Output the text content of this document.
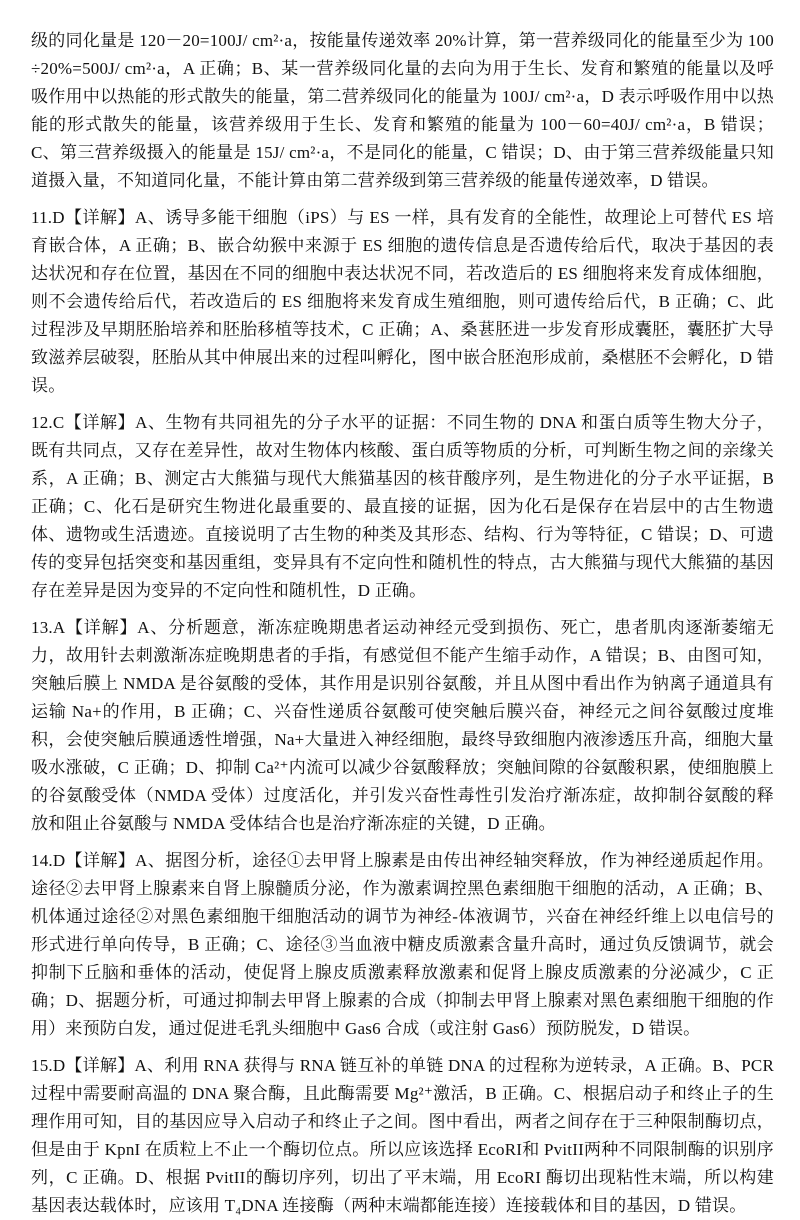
级的同化量是 120－20=100J/ cm²·a，按能量传递效率 20%计算，第一营养级同化的能量至少为 100÷20%=500J/ cm²·a，A 正确；B、某一营养级同化量的去向为用于生长、发育和繁殖的能量以及呼吸作用中以热能的形式散失的能量，第二营养级同化的能量为 100J/ cm²·a，D 表示呼吸作用中以热能的形式散失的能量，该营养级用于生长、发育和繁殖的能量为 100－60=40J/ cm²·a，B 错误；C、第三营养级摄入的能量是 15J/ cm²·a，不是同化的能量，C 错误；D、由于第三营养级能量只知道摄入量，不知道同化量，不能计算由第二营养级到第三营养级的能量传递效率，D 错误。

11.D【详解】A、诱导多能干细胞（iPS）与 ES 一样，具有发育的全能性，故理论上可替代 ES 培育嵌合体，A 正确；B、嵌合幼猴中来源于 ES 细胞的遗传信息是否遗传给后代，取决于基因的表达状况和存在位置，基因在不同的细胞中表达状况不同，若改造后的 ES 细胞将来发育成体细胞，则不会遗传给后代，若改造后的 ES 细胞将来发育成生殖细胞，则可遗传给后代，B 正确；C、此过程涉及早期胚胎培养和胚胎移植等技术，C 正确；A、桑葚胚进一步发育形成囊胚，囊胚扩大导致滋养层破裂，胚胎从其中伸展出来的过程叫孵化，图中嵌合胚泡形成前，桑椹胚不会孵化，D 错误。

12.C【详解】A、生物有共同祖先的分子水平的证据：不同生物的 DNA 和蛋白质等生物大分子，既有共同点，又存在差异性，故对生物体内核酸、蛋白质等物质的分析，可判断生物之间的亲缘关系，A 正确；B、测定古大熊猫与现代大熊猫基因的核苷酸序列，是生物进化的分子水平证据，B 正确；C、化石是研究生物进化最重要的、最直接的证据，因为化石是保存在岩层中的古生物遗体、遗物或生活遗迹。直接说明了古生物的种类及其形态、结构、行为等特征，C 错误；D、可遗传的变异包括突变和基因重组，变异具有不定向性和随机性的特点，古大熊猫与现代大熊猫的基因存在差异是因为变异的不定向性和随机性，D 正确。

13.A【详解】A、分析题意，渐冻症晚期患者运动神经元受到损伤、死亡，患者肌肉逐渐萎缩无力，故用针去刺激渐冻症晚期患者的手指，有感觉但不能产生缩手动作，A 错误；B、由图可知，突触后膜上 NMDA 是谷氨酸的受体，其作用是识别谷氨酸，并且从图中看出作为钠离子通道具有运输 Na+的作用，B 正确；C、兴奋性递质谷氨酸可使突触后膜兴奋，神经元之间谷氨酸过度堆积，会使突触后膜通透性增强，Na+大量进入神经细胞，最终导致细胞内液渗透压升高，细胞大量吸水涨破，C 正确；D、抑制 Ca²⁺内流可以减少谷氨酸释放；突触间隙的谷氨酸积累，使细胞膜上的谷氨酸受体（NMDA 受体）过度活化，并引发兴奋性毒性引发治疗渐冻症，故抑制谷氨酸的释放和阻止谷氨酸与 NMDA 受体结合也是治疗渐冻症的关键，D 正确。

14.D【详解】A、据图分析，途径①去甲肾上腺素是由传出神经轴突释放，作为神经递质起作用。途径②去甲肾上腺素来自肾上腺髓质分泌，作为激素调控黑色素细胞干细胞的活动，A 正确；B、机体通过途径②对黑色素细胞干细胞活动的调节为神经-体液调节，兴奋在神经纤维上以电信号的形式进行单向传导，B 正确；C、途径③当血液中糖皮质激素含量升高时，通过负反馈调节，就会抑制下丘脑和垂体的活动，使促肾上腺皮质激素释放激素和促肾上腺皮质激素的分泌减少，C 正确；D、据题分析，可通过抑制去甲肾上腺素的合成（抑制去甲肾上腺素对黑色素细胞干细胞的作用）来预防白发，通过促进毛乳头细胞中 Gas6 合成（或注射 Gas6）预防脱发，D 错误。

15.D【详解】A、利用 RNA 获得与 RNA 链互补的单链 DNA 的过程称为逆转录，A 正确。B、PCR 过程中需要耐高温的 DNA 聚合酶，且此酶需要 Mg²⁺激活，B 正确。C、根据启动子和终止子的生理作用可知，目的基因应导入启动子和终止子之间。图中看出，两者之间存在于三种限制酶切点，但是由于 KpnI 在质粒上不止一个酶切位点。所以应该选择 EcoRI和 PvitII两种不同限制酶的识别序列，C 正确。D、根据 PvitII的酶切序列，切出了平末端，用 EcoRI 酶切出现粘性末端，所以构建基因表达载体时，应该用 T₄DNA 连接酶（两种末端都能连接）连接载体和目的基因，D 错误。
